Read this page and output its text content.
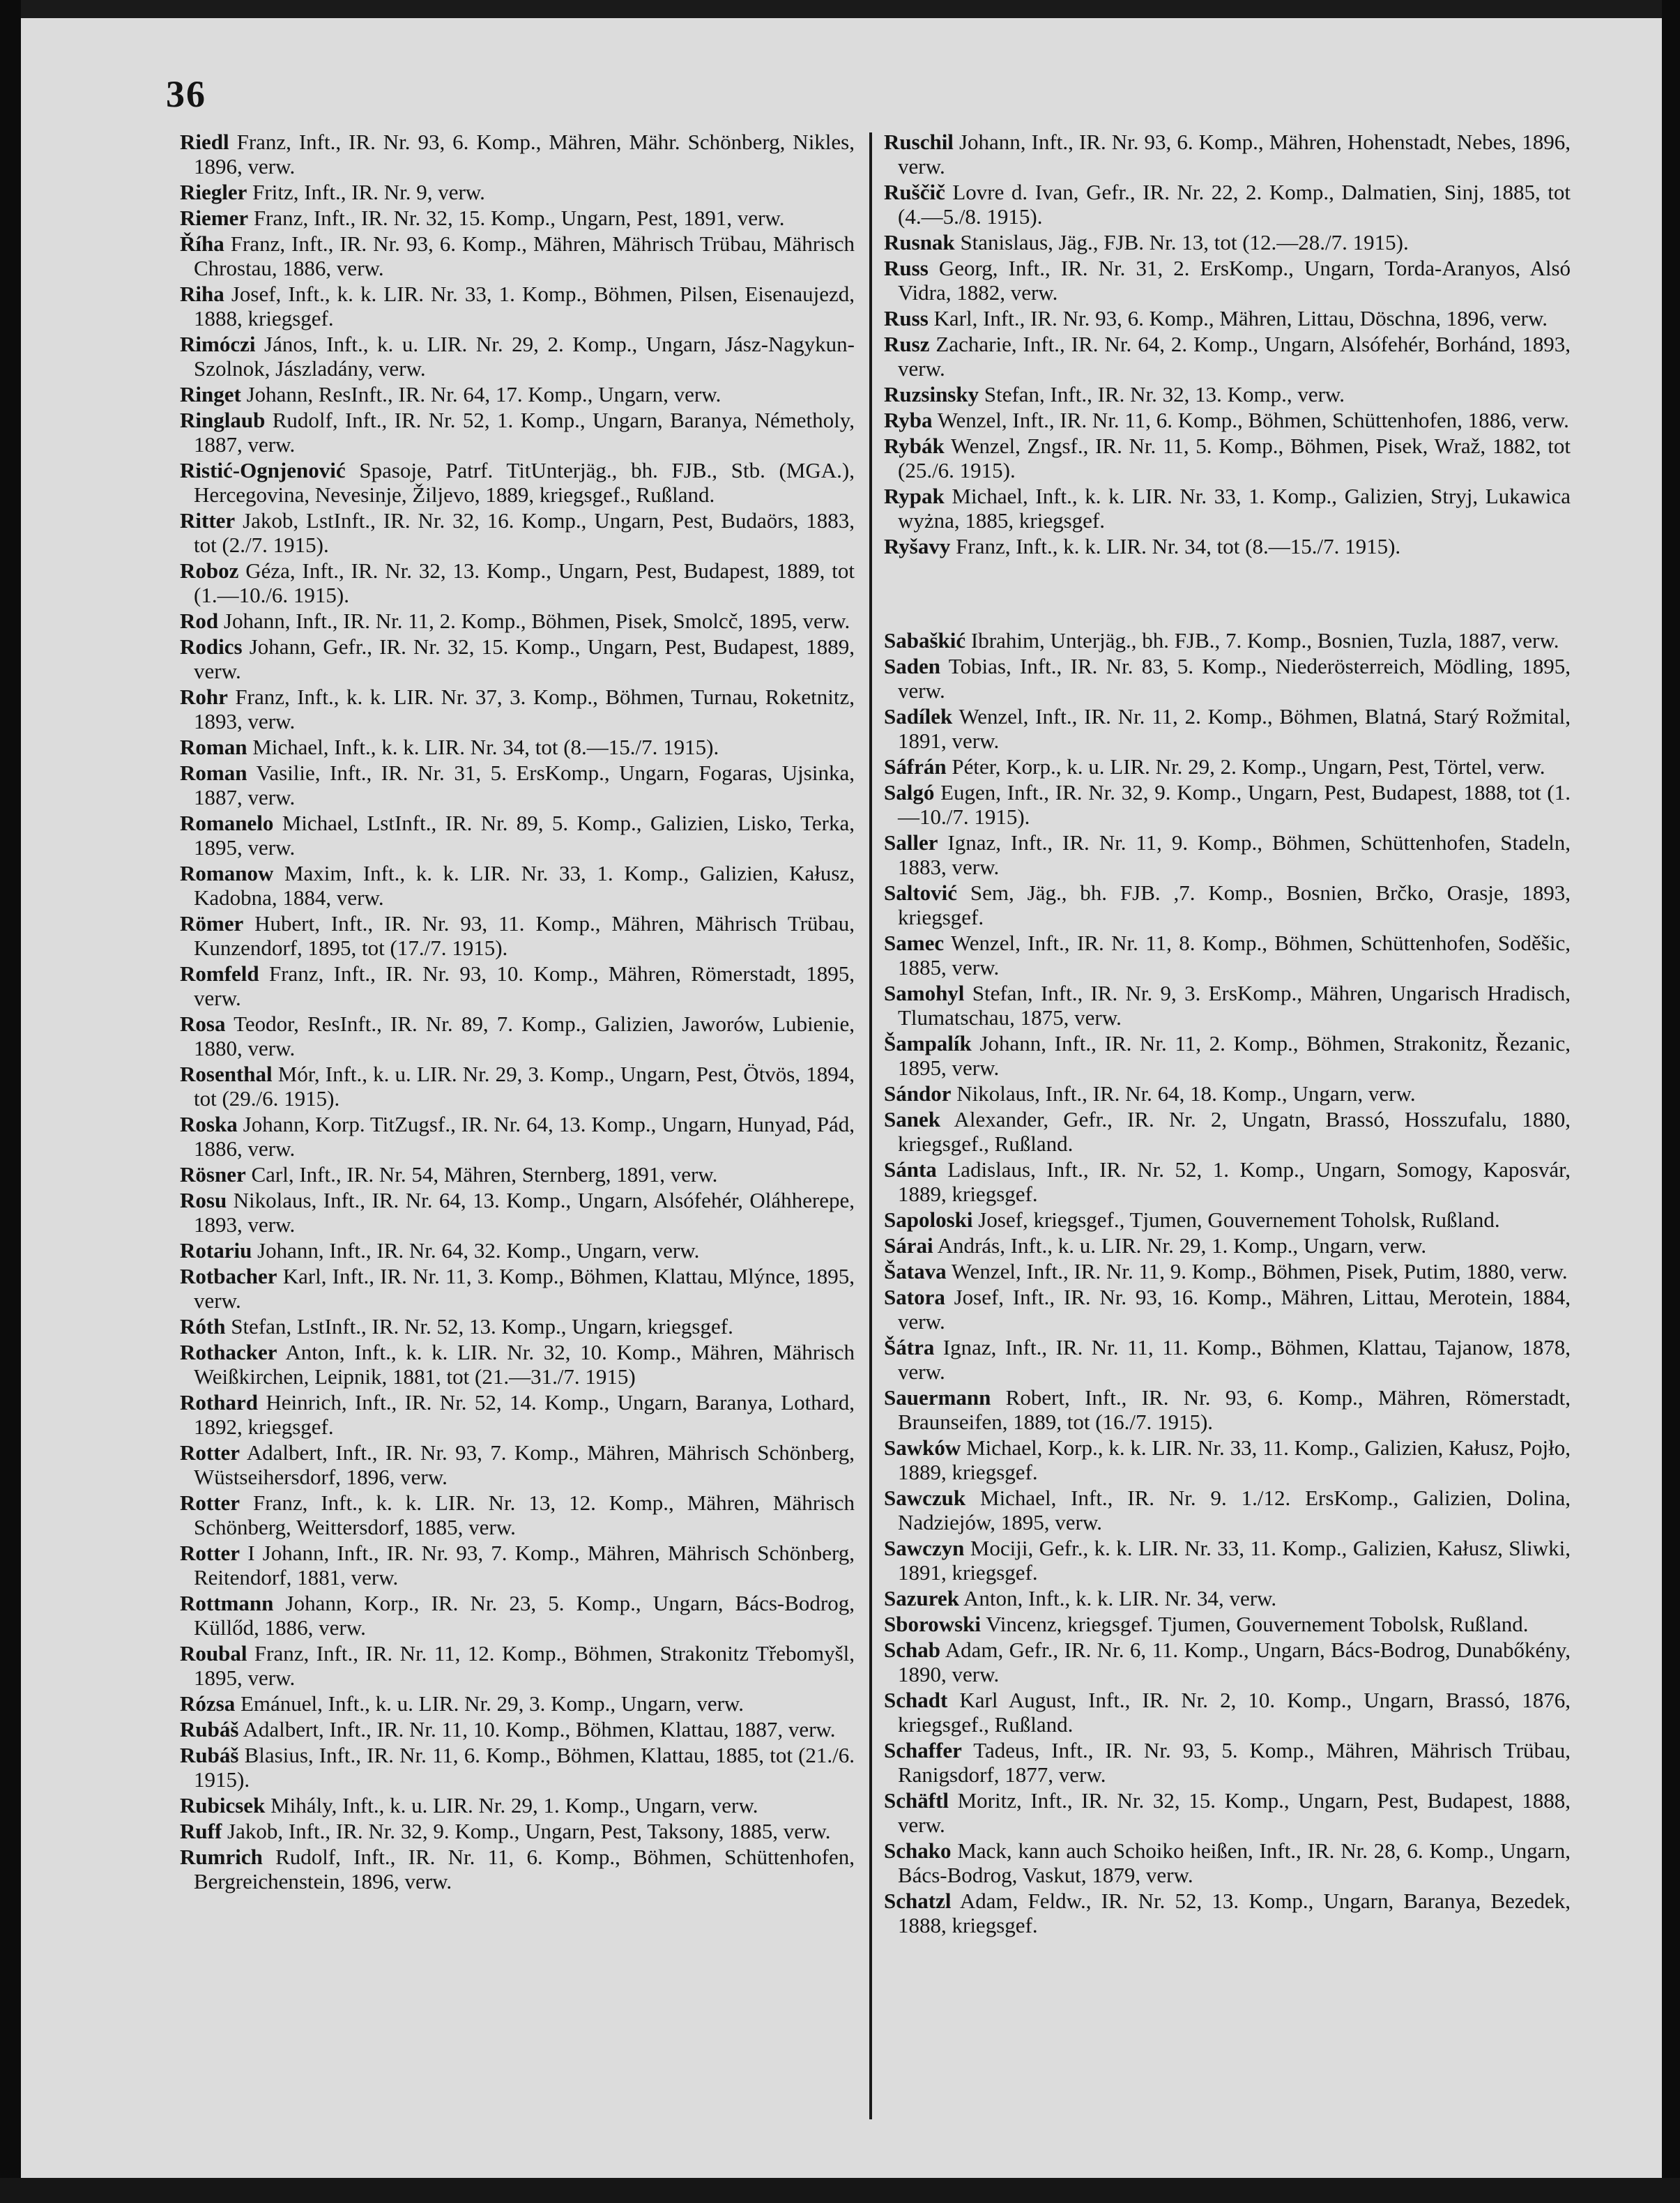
36

Riedl Franz, Inft., IR. Nr. 93, 6. Komp., Mähren, Mähr. Schönberg, Nikles, 1896, verw.

Riegler Fritz, Inft., IR. Nr. 9, verw.

Riemer Franz, Inft., IR. Nr. 32, 15. Komp., Ungarn, Pest, 1891, verw.

Říha Franz, Inft., IR. Nr. 93, 6. Komp., Mähren, Mährisch Trübau, Mährisch Chrostau, 1886, verw.

Riha Josef, Inft., k. k. LIR. Nr. 33, 1. Komp., Böhmen, Pilsen, Eisenaujezd, 1888, kriegsgef.

Rimóczi János, Inft., k. u. LIR. Nr. 29, 2. Komp., Ungarn, Jász-Nagykun-Szolnok, Jászladány, verw.

Ringet Johann, ResInft., IR. Nr. 64, 17. Komp., Ungarn, verw.

Ringlaub Rudolf, Inft., IR. Nr. 52, 1. Komp., Ungarn, Baranya, Németholy, 1887, verw.

Ristić-Ognjenović Spasoje, Patrf. TitUnterjäg., bh. FJB., Stb. (MGA.), Hercegovina, Nevesinje, Žiljevo, 1889, kriegsgef., Rußland.

Ritter Jakob, LstInft., IR. Nr. 32, 16. Komp., Ungarn, Pest, Budaörs, 1883, tot (2./7. 1915).

Roboz Géza, Inft., IR. Nr. 32, 13. Komp., Ungarn, Pest, Budapest, 1889, tot (1.—10./6. 1915).

Rod Johann, Inft., IR. Nr. 11, 2. Komp., Böhmen, Pisek, Smolcč, 1895, verw.

Rodics Johann, Gefr., IR. Nr. 32, 15. Komp., Ungarn, Pest, Budapest, 1889, verw.

Rohr Franz, Inft., k. k. LIR. Nr. 37, 3. Komp., Böhmen, Turnau, Roketnitz, 1893, verw.

Roman Michael, Inft., k. k. LIR. Nr. 34, tot (8.—15./7. 1915).

Roman Vasilie, Inft., IR. Nr. 31, 5. ErsKomp., Ungarn, Fogaras, Ujsinka, 1887, verw.

Romanelo Michael, LstInft., IR. Nr. 89, 5. Komp., Galizien, Lisko, Terka, 1895, verw.

Romanow Maxim, Inft., k. k. LIR. Nr. 33, 1. Komp., Galizien, Kałusz, Kadobna, 1884, verw.

Römer Hubert, Inft., IR. Nr. 93, 11. Komp., Mähren, Mährisch Trübau, Kunzendorf, 1895, tot (17./7. 1915).

Romfeld Franz, Inft., IR. Nr. 93, 10. Komp., Mähren, Römerstadt, 1895, verw.

Rosa Teodor, ResInft., IR. Nr. 89, 7. Komp., Galizien, Jaworów, Lubienie, 1880, verw.

Rosenthal Mór, Inft., k. u. LIR. Nr. 29, 3. Komp., Ungarn, Pest, Ötvös, 1894, tot (29./6. 1915).

Roska Johann, Korp. TitZugsf., IR. Nr. 64, 13. Komp., Ungarn, Hunyad, Pád, 1886, verw.

Rösner Carl, Inft., IR. Nr. 54, Mähren, Sternberg, 1891, verw.

Rosu Nikolaus, Inft., IR. Nr. 64, 13. Komp., Ungarn, Alsófehér, Oláhherepe, 1893, verw.

Rotariu Johann, Inft., IR. Nr. 64, 32. Komp., Ungarn, verw.

Rotbacher Karl, Inft., IR. Nr. 11, 3. Komp., Böhmen, Klattau, Mlýnce, 1895, verw.

Róth Stefan, LstInft., IR. Nr. 52, 13. Komp., Ungarn, kriegsgef.

Rothacker Anton, Inft., k. k. LIR. Nr. 32, 10. Komp., Mähren, Mährisch Weißkirchen, Leipnik, 1881, tot (21.—31./7. 1915)

Rothard Heinrich, Inft., IR. Nr. 52, 14. Komp., Ungarn, Baranya, Lothard, 1892, kriegsgef.

Rotter Adalbert, Inft., IR. Nr. 93, 7. Komp., Mähren, Mährisch Schönberg, Wüstseihersdorf, 1896, verw.

Rotter Franz, Inft., k. k. LIR. Nr. 13, 12. Komp., Mähren, Mährisch Schönberg, Weittersdorf, 1885, verw.

Rotter I Johann, Inft., IR. Nr. 93, 7. Komp., Mähren, Mährisch Schönberg, Reitendorf, 1881, verw.

Rottmann Johann, Korp., IR. Nr. 23, 5. Komp., Ungarn, Bács-Bodrog, Küllőd, 1886, verw.

Roubal Franz, Inft., IR. Nr. 11, 12. Komp., Böhmen, Strakonitz Třebomyšl, 1895, verw.

Rózsa Emánuel, Inft., k. u. LIR. Nr. 29, 3. Komp., Ungarn, verw.

Rubáš Adalbert, Inft., IR. Nr. 11, 10. Komp., Böhmen, Klattau, 1887, verw.

Rubáš Blasius, Inft., IR. Nr. 11, 6. Komp., Böhmen, Klattau, 1885, tot (21./6. 1915).

Rubicsek Mihály, Inft., k. u. LIR. Nr. 29, 1. Komp., Ungarn, verw.

Ruff Jakob, Inft., IR. Nr. 32, 9. Komp., Ungarn, Pest, Taksony, 1885, verw.

Rumrich Rudolf, Inft., IR. Nr. 11, 6. Komp., Böhmen, Schüttenhofen, Bergreichenstein, 1896, verw.

Ruschil Johann, Inft., IR. Nr. 93, 6. Komp., Mähren, Hohenstadt, Nebes, 1896, verw.

Ruščič Lovre d. Ivan, Gefr., IR. Nr. 22, 2. Komp., Dalmatien, Sinj, 1885, tot (4.—5./8. 1915).

Rusnak Stanislaus, Jäg., FJB. Nr. 13, tot (12.—28./7. 1915).

Russ Georg, Inft., IR. Nr. 31, 2. ErsKomp., Ungarn, Torda-Aranyos, Alsó Vidra, 1882, verw.

Russ Karl, Inft., IR. Nr. 93, 6. Komp., Mähren, Littau, Döschna, 1896, verw.

Rusz Zacharie, Inft., IR. Nr. 64, 2. Komp., Ungarn, Alsófehér, Borhánd, 1893, verw.

Ruzsinsky Stefan, Inft., IR. Nr. 32, 13. Komp., verw.

Ryba Wenzel, Inft., IR. Nr. 11, 6. Komp., Böhmen, Schüttenhofen, 1886, verw.

Rybák Wenzel, Zngsf., IR. Nr. 11, 5. Komp., Böhmen, Pisek, Wraž, 1882, tot (25./6. 1915).

Rypak Michael, Inft., k. k. LIR. Nr. 33, 1. Komp., Galizien, Stryj, Lukawica wyżna, 1885, kriegsgef.

Ryšavy Franz, Inft., k. k. LIR. Nr. 34, tot (8.—15./7. 1915).

Sabaškić Ibrahim, Unterjäg., bh. FJB., 7. Komp., Bosnien, Tuzla, 1887, verw.

Saden Tobias, Inft., IR. Nr. 83, 5. Komp., Niederösterreich, Mödling, 1895, verw.

Sadílek Wenzel, Inft., IR. Nr. 11, 2. Komp., Böhmen, Blatná, Starý Rožmital, 1891, verw.

Sáfrán Péter, Korp., k. u. LIR. Nr. 29, 2. Komp., Ungarn, Pest, Törtel, verw.

Salgó Eugen, Inft., IR. Nr. 32, 9. Komp., Ungarn, Pest, Budapest, 1888, tot (1.—10./7. 1915).

Saller Ignaz, Inft., IR. Nr. 11, 9. Komp., Böhmen, Schüttenhofen, Stadeln, 1883, verw.

Saltović Sem, Jäg., bh. FJB. ,7. Komp., Bosnien, Brčko, Orasje, 1893, kriegsgef.

Samec Wenzel, Inft., IR. Nr. 11, 8. Komp., Böhmen, Schüttenhofen, Soděšic, 1885, verw.

Samohyl Stefan, Inft., IR. Nr. 9, 3. ErsKomp., Mähren, Ungarisch Hradisch, Tlumatschau, 1875, verw.

Šampalík Johann, Inft., IR. Nr. 11, 2. Komp., Böhmen, Strakonitz, Řezanic, 1895, verw.

Sándor Nikolaus, Inft., IR. Nr. 64, 18. Komp., Ungarn, verw.

Sanek Alexander, Gefr., IR. Nr. 2, Ungatn, Brassó, Hosszufalu, 1880, kriegsgef., Rußland.

Sánta Ladislaus, Inft., IR. Nr. 52, 1. Komp., Ungarn, Somogy, Kaposvár, 1889, kriegsgef.

Sapoloski Josef, kriegsgef., Tjumen, Gouvernement Toholsk, Rußland.

Sárai András, Inft., k. u. LIR. Nr. 29, 1. Komp., Ungarn, verw.

Šatava Wenzel, Inft., IR. Nr. 11, 9. Komp., Böhmen, Pisek, Putim, 1880, verw.

Satora Josef, Inft., IR. Nr. 93, 16. Komp., Mähren, Littau, Merotein, 1884, verw.

Šátra Ignaz, Inft., IR. Nr. 11, 11. Komp., Böhmen, Klattau, Tajanow, 1878, verw.

Sauermann Robert, Inft., IR. Nr. 93, 6. Komp., Mähren, Römerstadt, Braunseifen, 1889, tot (16./7. 1915).

Sawków Michael, Korp., k. k. LIR. Nr. 33, 11. Komp., Galizien, Kałusz, Pojło, 1889, kriegsgef.

Sawczuk Michael, Inft., IR. Nr. 9. 1./12. ErsKomp., Galizien, Dolina, Nadziejów, 1895, verw.

Sawczyn Mociji, Gefr., k. k. LIR. Nr. 33, 11. Komp., Galizien, Kałusz, Sliwki, 1891, kriegsgef.

Sazurek Anton, Inft., k. k. LIR. Nr. 34, verw.

Sborowski Vincenz, kriegsgef. Tjumen, Gouvernement Tobolsk, Rußland.

Schab Adam, Gefr., IR. Nr. 6, 11. Komp., Ungarn, Bács-Bodrog, Dunabőkény, 1890, verw.

Schadt Karl August, Inft., IR. Nr. 2, 10. Komp., Ungarn, Brassó, 1876, kriegsgef., Rußland.

Schaffer Tadeus, Inft., IR. Nr. 93, 5. Komp., Mähren, Mährisch Trübau, Ranigsdorf, 1877, verw.

Schäftl Moritz, Inft., IR. Nr. 32, 15. Komp., Ungarn, Pest, Budapest, 1888, verw.

Schako Mack, kann auch Schoiko heißen, Inft., IR. Nr. 28, 6. Komp., Ungarn, Bács-Bodrog, Vaskut, 1879, verw.

Schatzl Adam, Feldw., IR. Nr. 52, 13. Komp., Ungarn, Baranya, Bezedek, 1888, kriegsgef.
